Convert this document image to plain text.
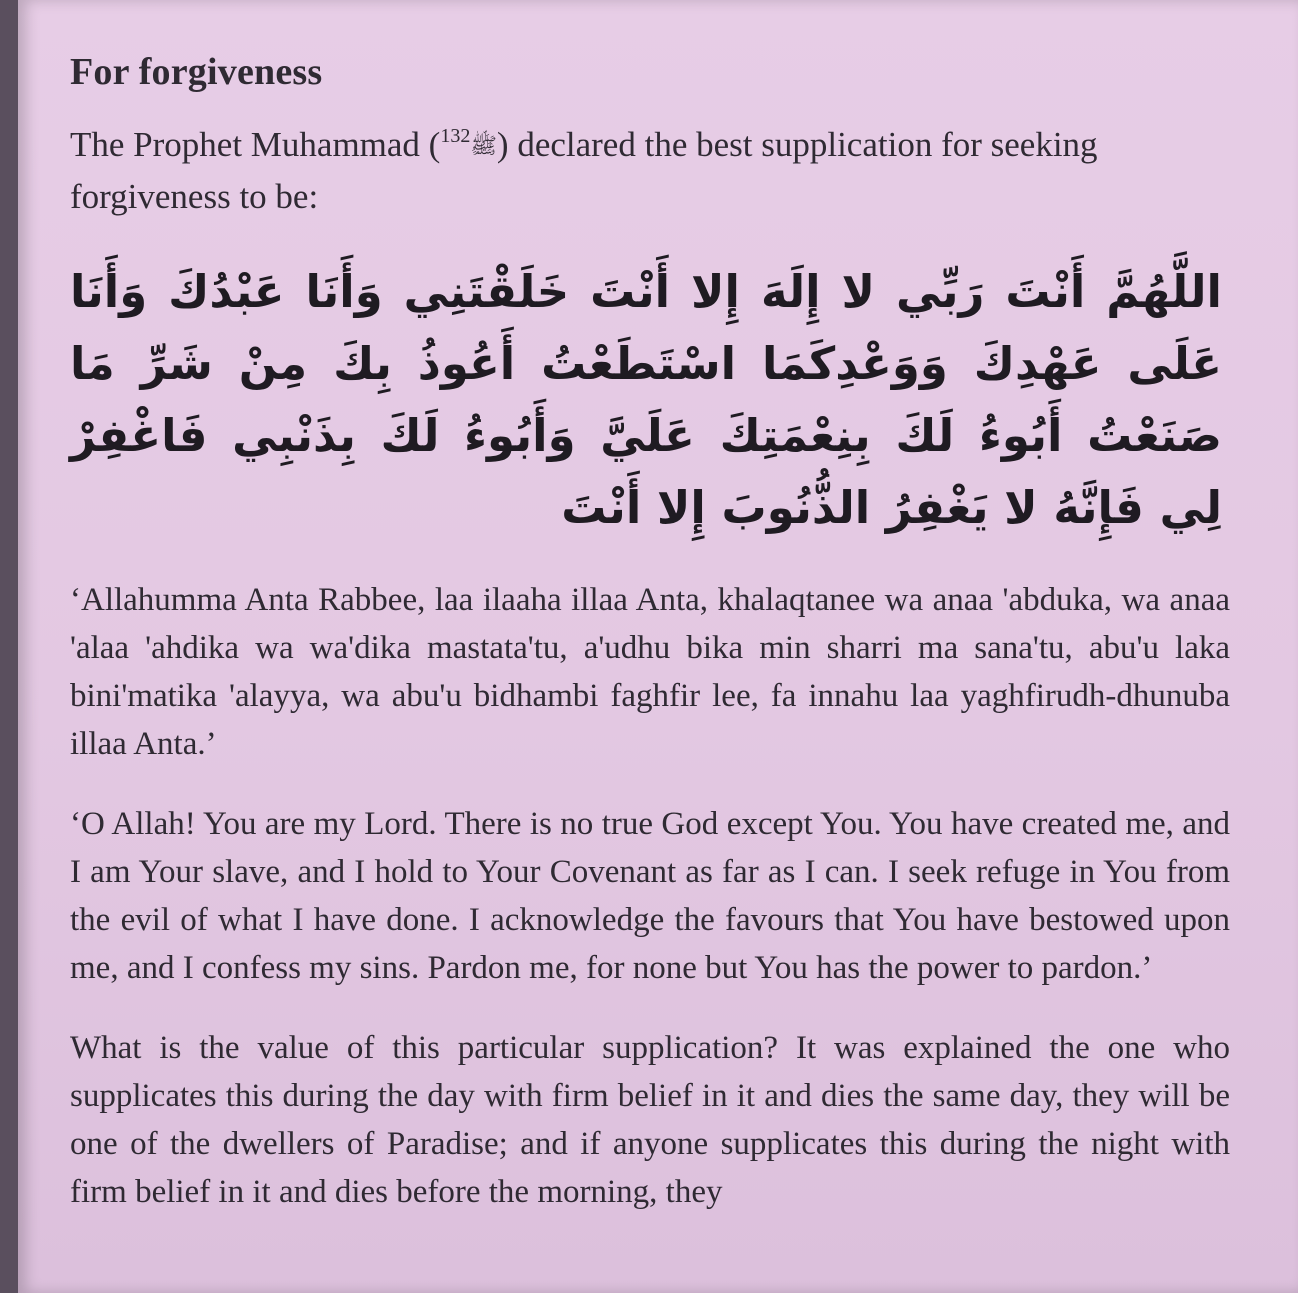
For forgiveness

The Prophet Muhammad ( ﷺ$^{132}$ ) declared the best supplication for seeking forgiveness to be:

اللَّهُمَّ أَنْتَ رَبِّي لا إِلَهَ إِلا أَنْتَ خَلَقْتَنِي وَأَنَا عَبْدُكَ وَأَنَا عَلَى عَهْدِكَ وَوَعْدِكَمَا اسْتَطَعْتُ أَعُوذُ بِكَ مِنْ شَرِّ مَا صَنَعْتُ أَبُوءُ لَكَ بِنِعْمَتِكَ عَلَيَّ وَأَبُوءُ لَكَ بِذَنْبِي فَاغْفِرْ لِي فَإِنَّهُ لا يَغْفِرُ الذُّنُوبَ إِلا أَنْتَ

‘Allahumma Anta Rabbee, laa ilaaha illaa Anta, khalaqtanee wa anaa 'abduka, wa anaa 'alaa 'ahdika wa wa'dika mastata'tu, a'udhu bika min sharri ma sana'tu, abu'u laka bini'matika 'alayya, wa abu'u bidhambi faghfir lee, fa innahu laa yaghfirudh-dhunuba illaa Anta.’

‘O Allah! You are my Lord. There is no true God except You. You have created me, and I am Your slave, and I hold to Your Covenant as far as I can. I seek refuge in You from the evil of what I have done. I acknowledge the favours that You have bestowed upon me, and I confess my sins. Pardon me, for none but You has the power to pardon.’

What is the value of this particular supplication? It was explained the one who supplicates this during the day with firm belief in it and dies the same day, they will be one of the dwellers of Paradise; and if anyone supplicates this during the night with firm belief in it and dies before the morning, they
